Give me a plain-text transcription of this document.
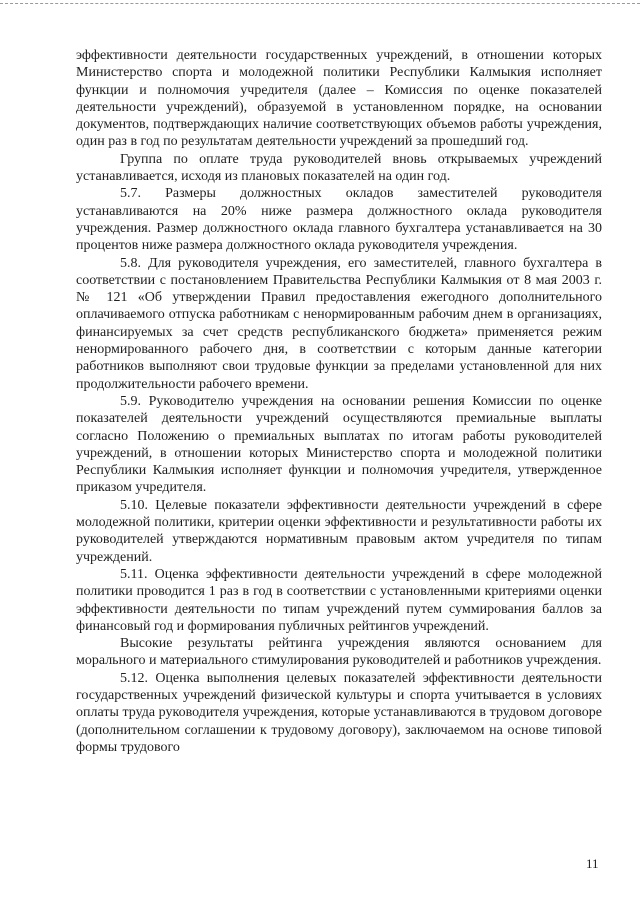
эффективности деятельности государственных учреждений, в отношении которых Министерство спорта и молодежной политики Республики Калмыкия исполняет функции и полномочия учредителя (далее – Комиссия по оценке показателей деятельности учреждений), образуемой в установленном порядке, на основании документов, подтверждающих наличие соответствующих объемов работы учреждения, один раз в год по результатам деятельности учреждений за прошедший год.

Группа по оплате труда руководителей вновь открываемых учреждений устанавливается, исходя из плановых показателей на один год.

5.7. Размеры должностных окладов заместителей руководителя устанавливаются на 20% ниже размера должностного оклада руководителя учреждения. Размер должностного оклада главного бухгалтера устанавливается на 30 процентов ниже размера должностного оклада руководителя учреждения.

5.8. Для руководителя учреждения, его заместителей, главного бухгалтера в соответствии с постановлением Правительства Республики Калмыкия от 8 мая 2003 г. № 121 «Об утверждении Правил предоставления ежегодного дополнительного оплачиваемого отпуска работникам с ненормированным рабочим днем в организациях, финансируемых за счет средств республиканского бюджета» применяется режим ненормированного рабочего дня, в соответствии с которым данные категории работников выполняют свои трудовые функции за пределами установленной для них продолжительности рабочего времени.

5.9. Руководителю учреждения на основании решения Комиссии по оценке показателей деятельности учреждений осуществляются премиальные выплаты согласно Положению о премиальных выплатах по итогам работы руководителей учреждений, в отношении которых Министерство спорта и молодежной политики Республики Калмыкия исполняет функции и полномочия учредителя, утвержденное приказом учредителя.

5.10. Целевые показатели эффективности деятельности учреждений в сфере молодежной политики, критерии оценки эффективности и результативности работы их руководителей утверждаются нормативным правовым актом учредителя по типам учреждений.

5.11. Оценка эффективности деятельности учреждений в сфере молодежной политики проводится 1 раз в год в соответствии с установленными критериями оценки эффективности деятельности по типам учреждений путем суммирования баллов за финансовый год и формирования публичных рейтингов учреждений.

Высокие результаты рейтинга учреждения являются основанием для морального и материального стимулирования руководителей и работников учреждения.

5.12. Оценка выполнения целевых показателей эффективности деятельности государственных учреждений физической культуры и спорта учитывается в условиях оплаты труда руководителя учреждения, которые устанавливаются в трудовом договоре (дополнительном соглашении к трудовому договору), заключаемом на основе типовой формы трудового

11
